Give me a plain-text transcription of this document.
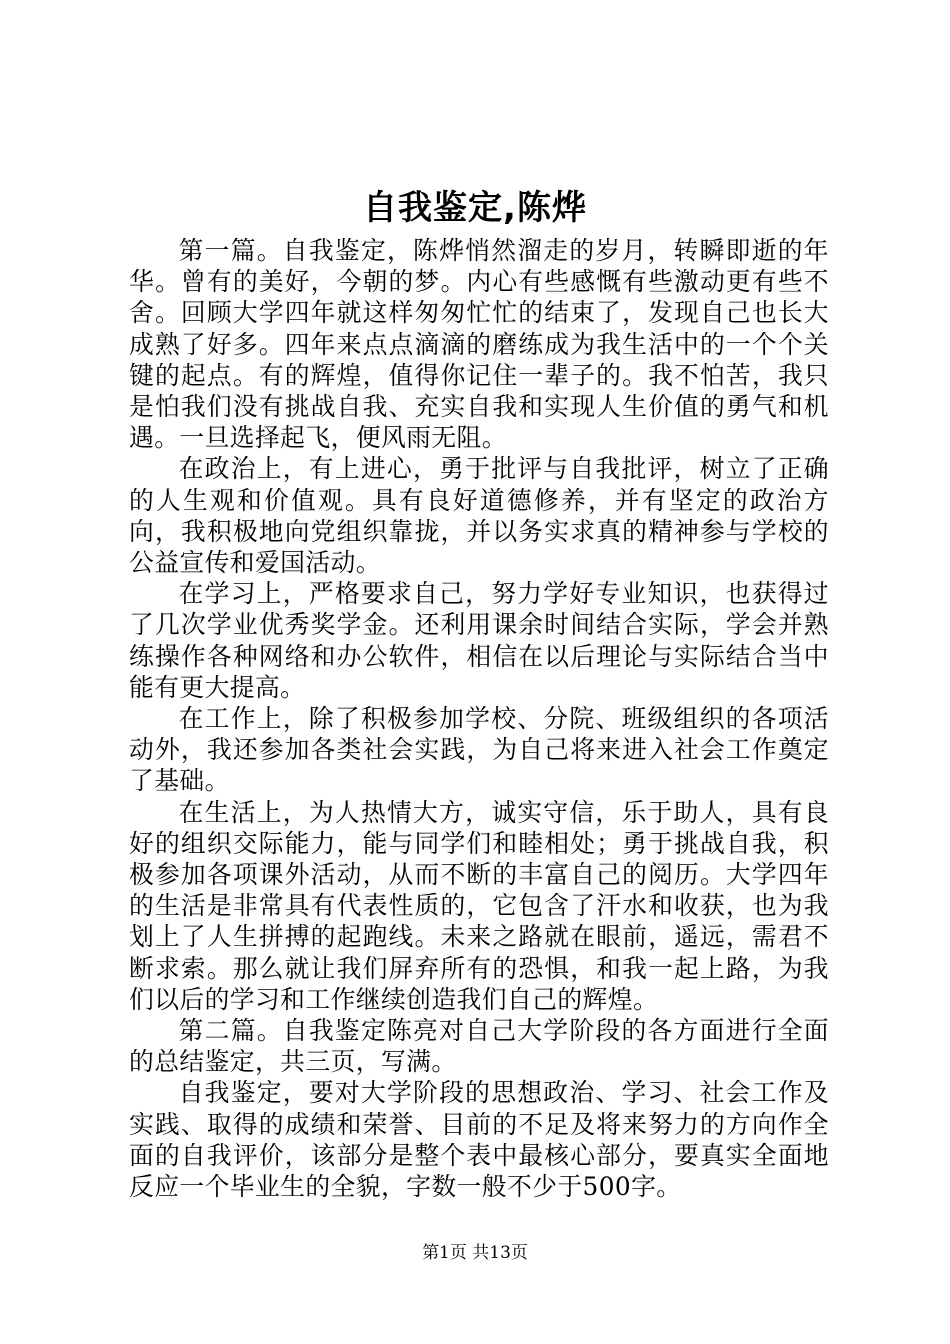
自我鉴定,陈烨

第一篇。自我鉴定，陈烨悄然溜走的岁月，转瞬即逝的年华。曾有的美好，今朝的梦。内心有些感慨有些激动更有些不舍。回顾大学四年就这样匆匆忙忙的结束了，发现自己也长大成熟了好多。四年来点点滴滴的磨练成为我生活中的一个个关键的起点。有的辉煌，值得你记住一辈子的。我不怕苦，我只是怕我们没有挑战自我、充实自我和实现人生价值的勇气和机遇。一旦选择起飞，便风雨无阻。

在政治上，有上进心，勇于批评与自我批评，树立了正确的人生观和价值观。具有良好道德修养，并有坚定的政治方向，我积极地向党组织靠拢，并以务实求真的精神参与学校的公益宣传和爱国活动。

在学习上，严格要求自己，努力学好专业知识，也获得过了几次学业优秀奖学金。还利用课余时间结合实际，学会并熟练操作各种网络和办公软件，相信在以后理论与实际结合当中能有更大提高。

在工作上，除了积极参加学校、分院、班级组织的各项活动外，我还参加各类社会实践，为自己将来进入社会工作奠定了基础。

在生活上，为人热情大方，诚实守信，乐于助人，具有良好的组织交际能力，能与同学们和睦相处；勇于挑战自我，积极参加各项课外活动，从而不断的丰富自己的阅历。大学四年的生活是非常具有代表性质的，它包含了汗水和收获，也为我划上了人生拼搏的起跑线。未来之路就在眼前，遥远，需君不断求索。那么就让我们屏弃所有的恐惧，和我一起上路，为我们以后的学习和工作继续创造我们自己的辉煌。

第二篇。自我鉴定陈亮对自己大学阶段的各方面进行全面的总结鉴定，共三页，写满。

自我鉴定，要对大学阶段的思想政治、学习、社会工作及实践、取得的成绩和荣誉、目前的不足及将来努力的方向作全面的自我评价，该部分是整个表中最核心部分，要真实全面地反应一个毕业生的全貌，字数一般不少于500字。

第1页 共13页
